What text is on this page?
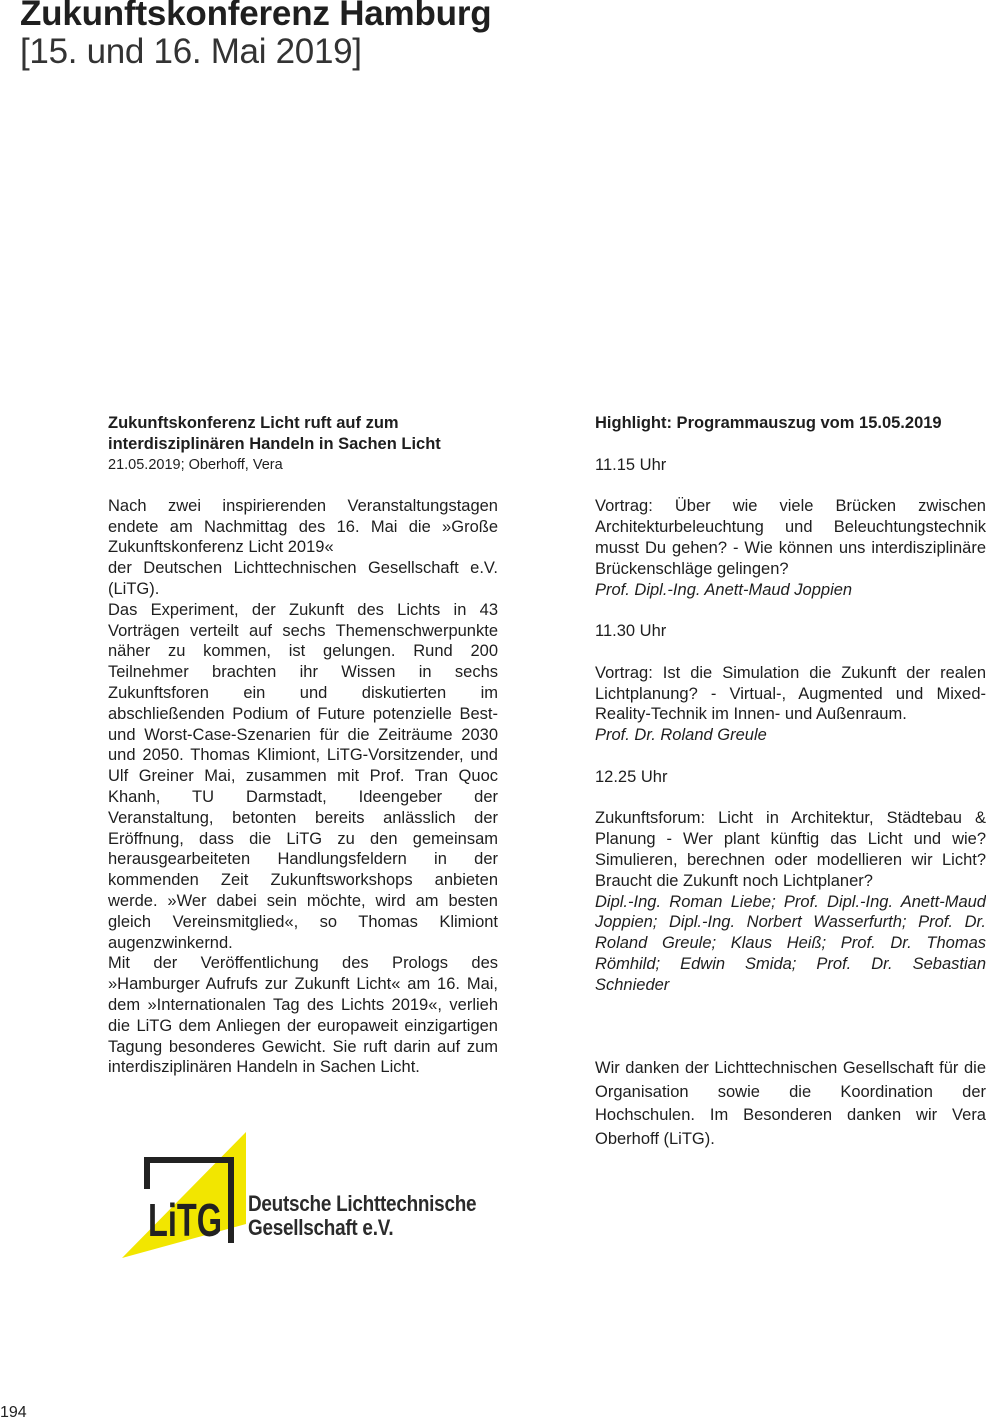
Zukunftskonferenz Hamburg
[15. und 16. Mai 2019]

Zukunftskonferenz Licht ruft auf zum interdisziplinären Handeln in Sachen Licht

21.05.2019; Oberhoff, Vera

Nach zwei inspirierenden Veranstaltungstagen endete am Nachmittag des 16. Mai die »Große Zukunftskonferenz Licht 2019«

der Deutschen Lichttechnischen Gesellschaft e.V. (LiTG).

Das Experiment, der Zukunft des Lichts in 43 Vorträgen verteilt auf sechs Themenschwerpunkte näher zu kommen, ist gelungen. Rund 200 Teilnehmer brachten ihr Wissen in sechs Zukunftsforen ein und diskutierten im abschließenden Podium of Future potenzielle Best- und Worst-Case-Szenarien für die Zeiträume 2030 und 2050. Thomas Klimiont, LiTG-Vorsitzender, und Ulf Greiner Mai, zusammen mit Prof. Tran Quoc Khanh, TU Darmstadt, Ideengeber der Veranstaltung, betonten bereits anlässlich der Eröffnung, dass die LiTG zu den gemeinsam herausgearbeiteten Handlungsfeldern in der kommenden Zeit Zukunftsworkshops anbieten werde. »Wer dabei sein möchte, wird am besten gleich Vereinsmitglied«, so Thomas Klimiont augenzwinkernd.

Mit der Veröffentlichung des Prologs des »Hamburger Aufrufs zur Zukunft Licht« am 16. Mai, dem »Internationalen Tag des Lichts 2019«, verlieh die LiTG dem Anliegen der europaweit einzigartigen Tagung besonderes Gewicht. Sie ruft darin auf zum interdisziplinären Handeln in Sachen Licht.

Highlight: Programmauszug vom 15.05.2019

11.15 Uhr

Vortrag: Über wie viele Brücken zwischen Architekturbeleuchtung und Beleuchtungstechnik musst Du gehen? - Wie können uns interdisziplinäre Brückenschläge gelingen?

Prof. Dipl.-Ing. Anett-Maud Joppien

11.30 Uhr

Vortrag: Ist die Simulation die Zukunft der realen Lichtplanung? - Virtual-, Augmented und Mixed-Reality-Technik im Innen- und Außenraum.

Prof. Dr. Roland Greule

12.25 Uhr

Zukunftsforum: Licht in Architektur, Städtebau & Planung - Wer plant künftig das Licht und wie? Simulieren, berechnen oder modellieren wir Licht? Braucht die Zukunft noch Lichtplaner?

Dipl.-Ing. Roman Liebe; Prof. Dipl.-Ing. Anett-Maud Joppien; Dipl.-Ing. Norbert Wasserfurth; Prof. Dr. Roland Greule; Klaus Heiß; Prof. Dr. Thomas Römhild; Edwin Smida; Prof. Dr. Sebastian Schnieder

Wir danken der Lichttechnischen Gesellschaft für die Organisation sowie die Koordination der Hochschulen. Im Besonderen danken wir Vera Oberhoff (LiTG).

LiTG Deutsche Lichttechnische
Gesellschaft e.V.
194
